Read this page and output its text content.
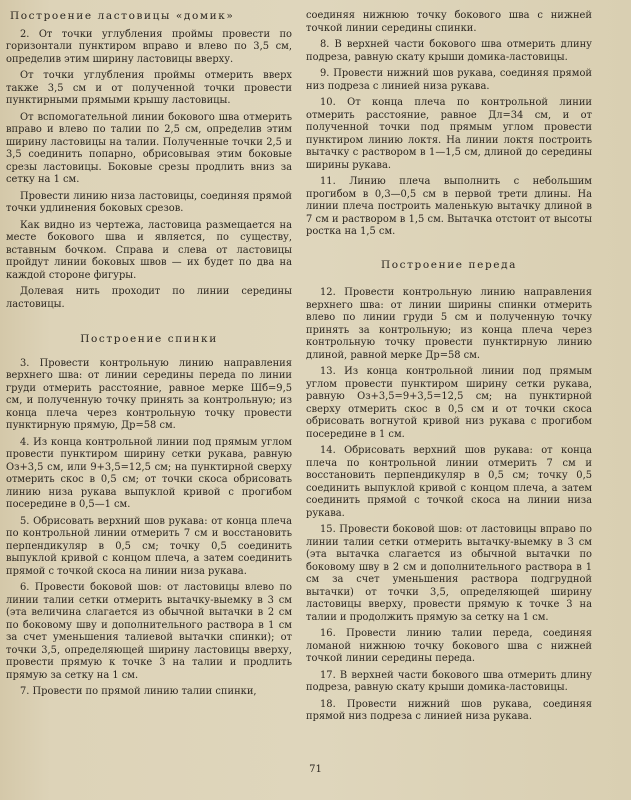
Построение ластовицы «домик»

2. От точки углубления проймы провести по горизонтали пунктиром вправо и влево по 3,5 см, определив этим ширину ластовицы вверху.

От точки углубления проймы отмерить вверх также 3,5 см и от полученной точки провести пунктирными прямыми крышу ластовицы.

От вспомогательной линии бокового шва отмерить вправо и влево по талии по 2,5 см, определив этим ширину ластовицы на талии. Полученные точки 2,5 и 3,5 соединить попарно, обрисовывая этим боковые срезы ластовицы. Боковые срезы продлить вниз за сетку на 1 см.

Провести линию низа ластовицы, соединяя прямой точки удлинения боковых срезов.

Как видно из чертежа, ластовица размещается на месте бокового шва и является, по существу, вставным бочком. Справа и слева от ластовицы пройдут линии боковых швов — их будет по два на каждой стороне фигуры.

Долевая нить проходит по линии середины ластовицы.

Построение спинки

3. Провести контрольную линию направления верхнего шва: от линии середины переда по линии груди отмерить расстояние, равное мерке Шб=9,5 см, и полученную точку принять за контрольную; из конца плеча через контрольную точку провести пунктирную прямую, Др=58 см.

4. Из конца контрольной линии под прямым углом провести пунктиром ширину сетки рукава, равную Оз+3,5 см, или 9+3,5=12,5 см; на пунктирной сверху отмерить скос в 0,5 см; от точки скоса обрисовать линию низа рукава выпуклой кривой с прогибом посередине в 0,5—1 см.

5. Обрисовать верхний шов рукава: от конца плеча по контрольной линии отмерить 7 см и восстановить перпендикуляр в 0,5 см; точку 0,5 соединить выпуклой кривой с концом плеча, а затем соединить прямой с точкой скоса на линии низа рукава.

6. Провести боковой шов: от ластовицы влево по линии талии сетки отмерить вытачку-выемку в 3 см (эта величина слагается из обычной вытачки в 2 см по боковому шву и дополнительного раствора в 1 см за счет уменьшения талиевой вытачки спинки); от точки 3,5, определяющей ширину ластовицы вверху, провести прямую к точке 3 на талии и продлить прямую за сетку на 1 см.

7. Провести по прямой линию талии спинки,

соединяя нижнюю точку бокового шва с нижней точкой линии середины спинки.

8. В верхней части бокового шва отмерить длину подреза, равную скату крыши домика-ластовицы.

9. Провести нижний шов рукава, соединяя прямой низ подреза с линией низа рукава.

10. От конца плеча по контрольной линии отмерить расстояние, равное Дл=34 см, и от полученной точки под прямым углом провести пунктиром линию локтя. На линии локтя построить вытачку с раствором в 1—1,5 см, длиной до середины ширины рукава.

11. Линию плеча выполнить с небольшим прогибом в 0,3—0,5 см в первой трети длины. На линии плеча построить маленькую вытачку длиной в 7 см и раствором в 1,5 см. Вытачка отстоит от высоты ростка на 1,5 см.

Построение переда

12. Провести контрольную линию направления верхнего шва: от линии ширины спинки отмерить влево по линии груди 5 см и полученную точку принять за контрольную; из конца плеча через контрольную точку провести пунктирную линию длиной, равной мерке Др=58 см.

13. Из конца контрольной линии под прямым углом провести пунктиром ширину сетки рукава, равную Оз+3,5=9+3,5=12,5 см; на пунктирной сверху отмерить скос в 0,5 см и от точки скоса обрисовать вогнутой кривой низ рукава с прогибом посередине в 1 см.

14. Обрисовать верхний шов рукава: от конца плеча по контрольной линии отмерить 7 см и восстановить перпендикуляр в 0,5 см; точку 0,5 соединить выпуклой кривой с концом плеча, а затем соединить прямой с точкой скоса на линии низа рукава.

15. Провести боковой шов: от ластовицы вправо по линии талии сетки отмерить вытачку-выемку в 3 см (эта вытачка слагается из обычной вытачки по боковому шву в 2 см и дополнительного раствора в 1 см за счет уменьшения раствора подгрудной вытачки) от точки 3,5, определяющей ширину ластовицы вверху, провести прямую к точке 3 на талии и продолжить прямую за сетку на 1 см.

16. Провести линию талии переда, соединяя ломаной нижнюю точку бокового шва с нижней точкой линии середины переда.

17. В верхней части бокового шва отмерить длину подреза, равную скату крыши домика-ластовицы.

18. Провести нижний шов рукава, соединяя прямой низ подреза с линией низа рукава.

71
